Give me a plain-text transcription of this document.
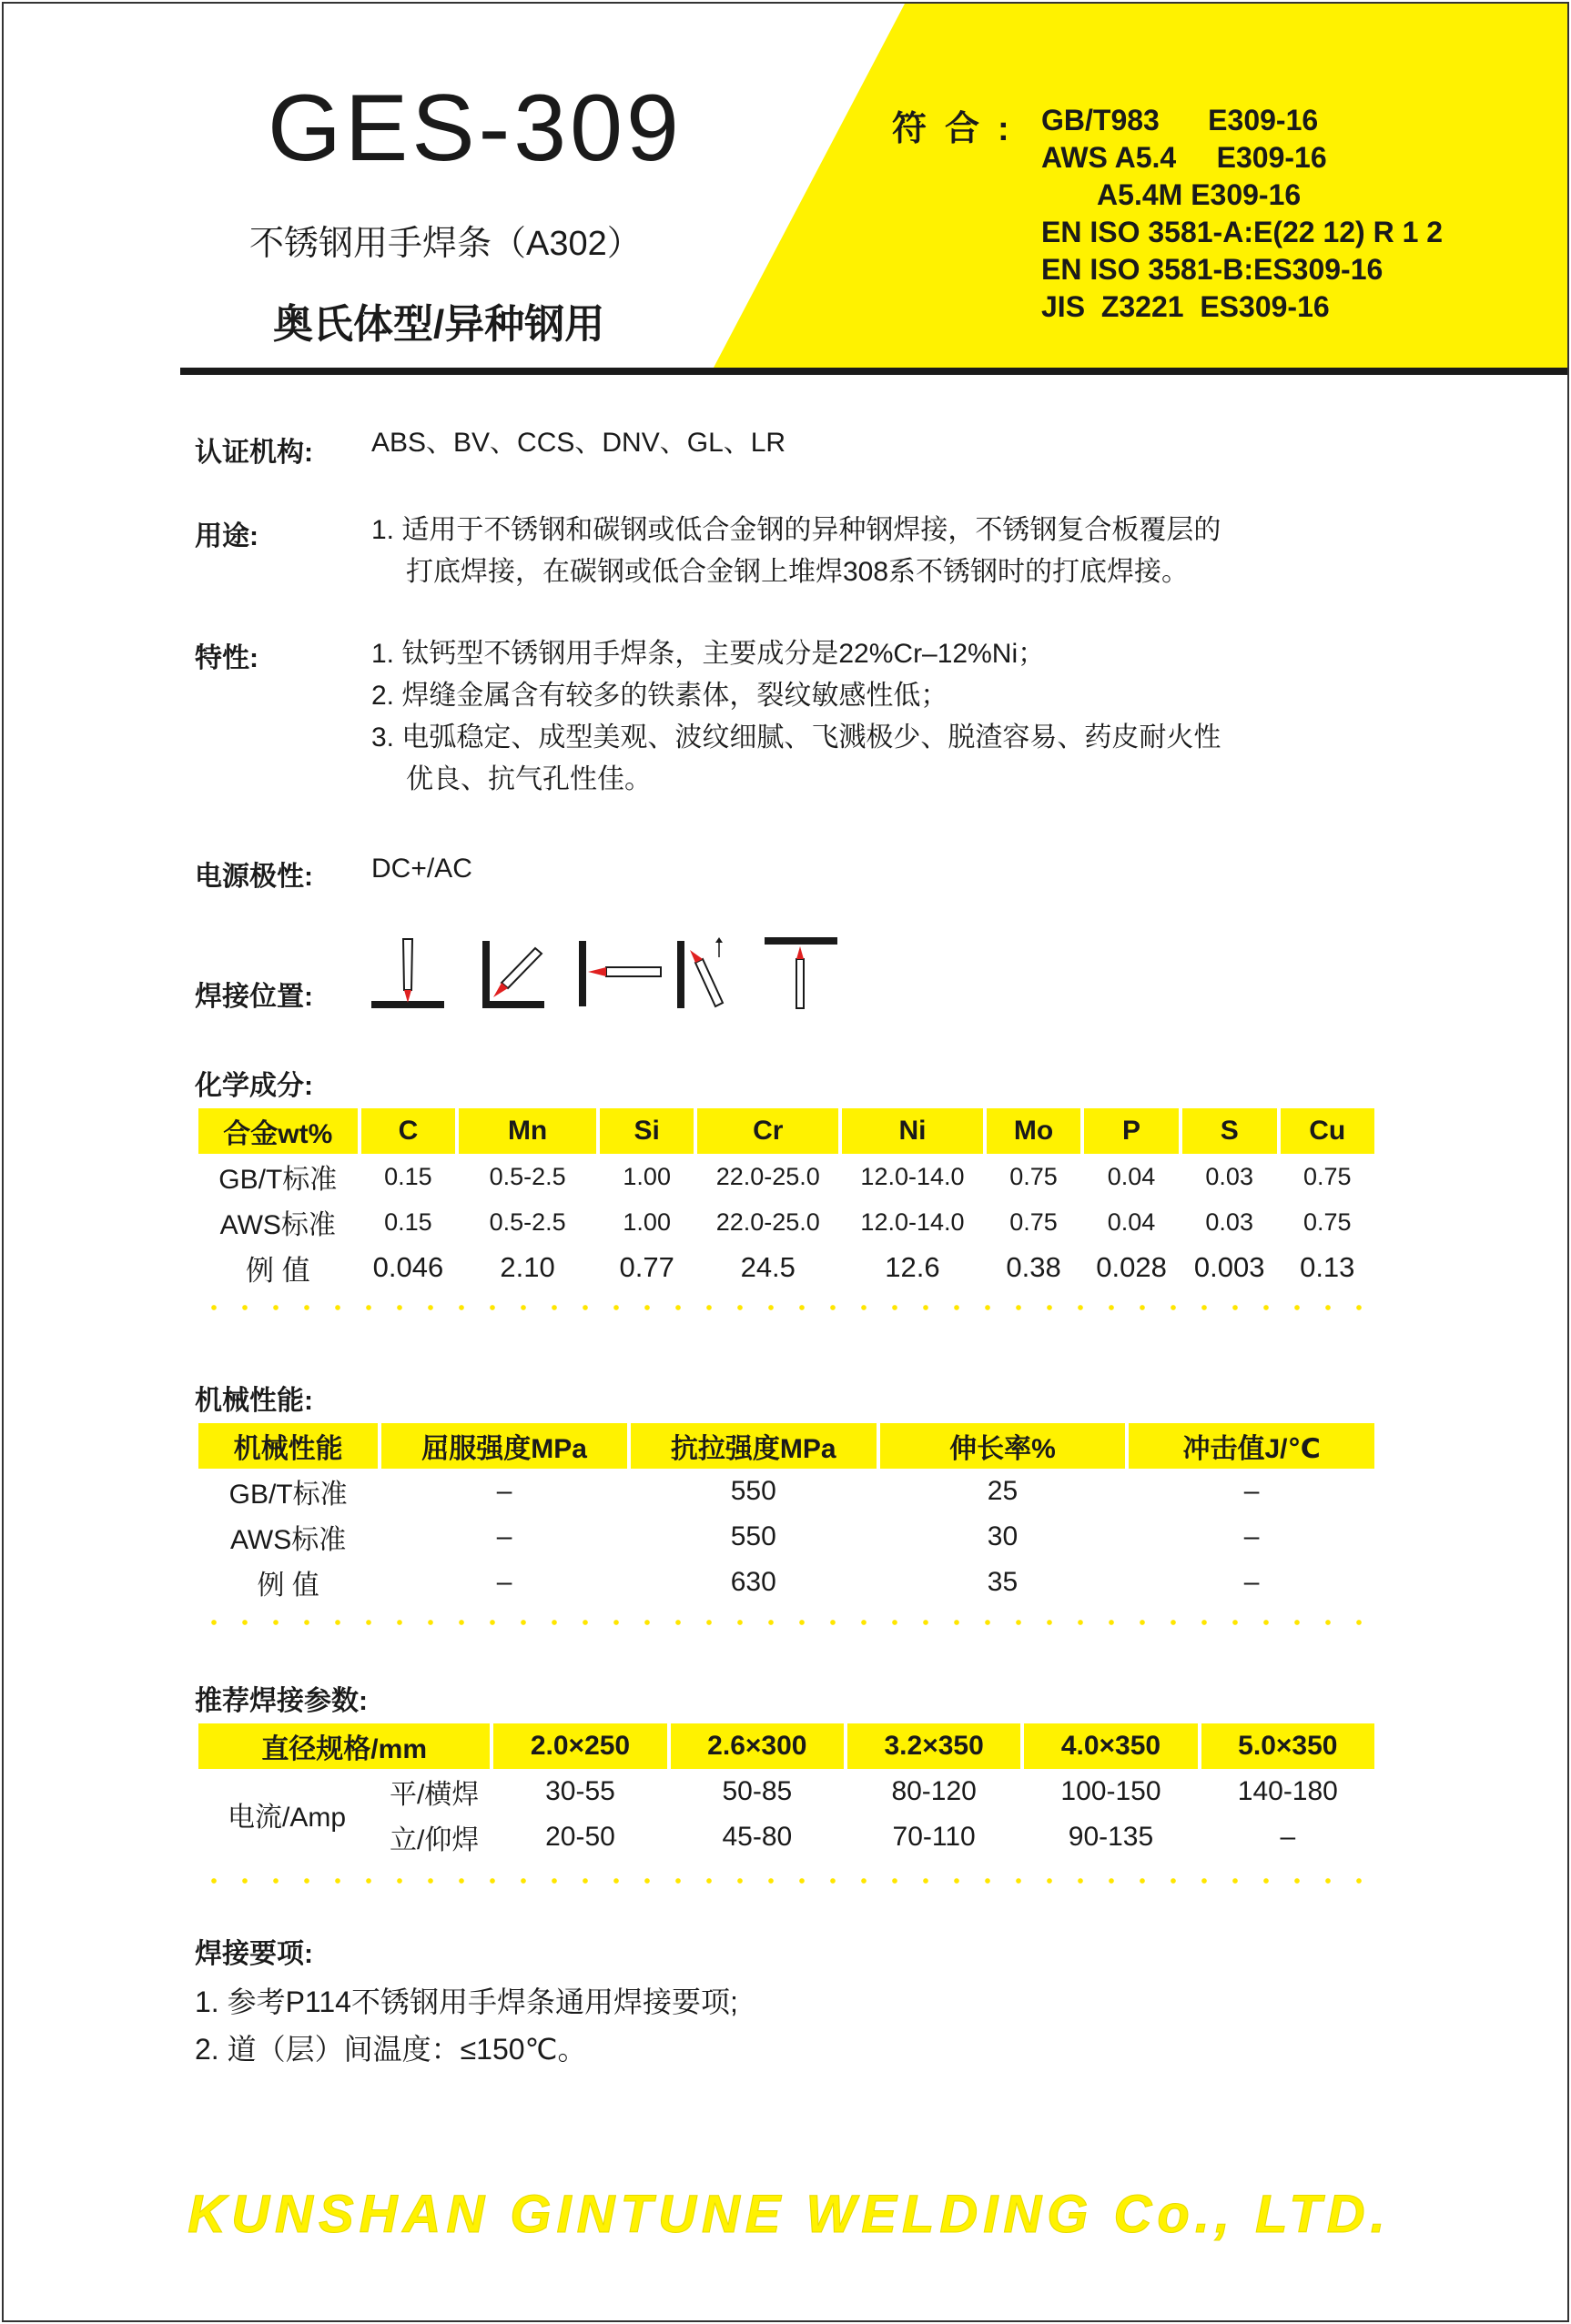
GES-309
不锈钢用手焊条（A302）
奥氏体型/异种钢用
符合: GB/T983      E309-16
AWS A5.4     E309-16
A5.4M E309-16
EN ISO 3581-A:E(22 12) R 1 2
EN ISO 3581-B:ES309-16
JIS  Z3221  ES309-16
认证机构: ABS、BV、CCS、DNV、GL、LR
用途:	1. 适用于不锈钢和碳钢或低合金钢的异种钢焊接，不锈钢复合板覆层的
打底焊接，在碳钢或低合金钢上堆焊308系不锈钢时的打底焊接。
特性:	1. 钛钙型不锈钢用手焊条，主要成分是22%Cr–12%Ni；
2. 焊缝金属含有较多的铁素体，裂纹敏感性低；
3. 电弧稳定、成型美观、波纹细腻、飞溅极少、脱渣容易、药皮耐火性
优良、抗气孔性佳。
电源极性: DC+/AC
焊接位置:
化学成分:
合金wt%	C	Mn	Si	Cr	Ni	Mo	P	S	Cu
GB/T标准	0.15	0.5-2.5	1.00	22.0-25.0	12.0-14.0	0.75	0.04	0.03	0.75
AWS标准	0.15	0.5-2.5	1.00	22.0-25.0	12.0-14.0	0.75	0.04	0.03	0.75
例 值	0.046	2.10	0.77	24.5	12.6	0.38	0.028	0.003	0.13
机械性能:
机械性能	屈服强度MPa	抗拉强度MPa	伸长率%	冲击值J/℃
GB/T标准	–	550	25	–
AWS标准	–	550	30	–
例 值	–	630	35	–
推荐焊接参数:
直径规格/mm		2.0×250	2.6×300	3.2×350	4.0×350	5.0×350
电流/Amp	平/横焊	30-55	50-85	80-120	100-150	140-180
	立/仰焊	20-50	45-80	70-110	90-135	–
焊接要项:
1. 参考P114不锈钢用手焊条通用焊接要项;
2. 道（层）间温度：≤150℃。
KUNSHAN GINTUNE WELDING Co., LTD.
